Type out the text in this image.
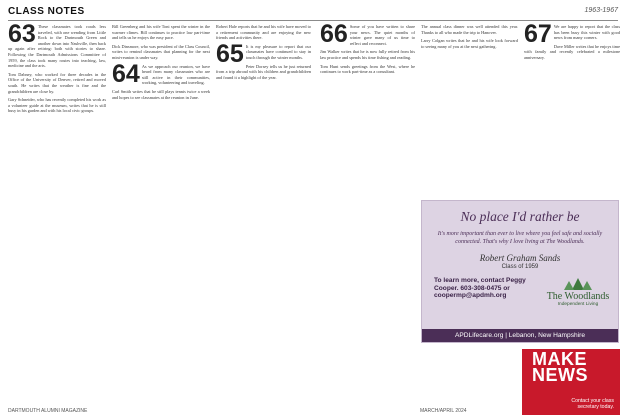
CLASS NOTES	1963-1967

63 These classmates took roads less traveled, with one wending from Little Rock to the Dartmouth Green and another down into Nashville, then back up again after retiring: both with stories to share. Following the Dartmouth Admissions Committee of 1959, the class took many routes into teaching, law, medicine and the arts.

Tom Dabney, who worked for three decades in the Office of the University of Denver, retired and moved south. He writes that the weather is fine and the grandchildren are close by.

Gary Schneider, who has recently completed his work as a volunteer guide at the museum, writes that he is still busy in his garden and with his local civic groups.

Bill Greenberg and his wife Toni spent the winter in the warmer climes. Bill continues to practice law part-time and tells us he enjoys the easy pace.

Dick Dinsmore, who was president of the Class Council, writes to remind classmates that planning for the next mini-reunion is under way.

64 As we approach our reunion, we have heard from many classmates who are still active in their communities, working, volunteering and traveling.

Carl Smith writes that he still plays tennis twice a week and hopes to see classmates at the reunion in June.

Robert Hale reports that he and his wife have moved to a retirement community and are enjoying the new friends and activities there.

65 It is my pleasure to report that our classmates have continued to stay in touch through the winter months.

Peter Dorsey tells us he just returned from a trip abroad with his children and grandchildren and found it a highlight of the year.

66 Some of you have written to share your news. The quiet months of winter gave many of us time to reflect and reconnect.

Jim Walker writes that he is now fully retired from his law practice and spends his time fishing and reading.

Tom Hunt sends greetings from the West, where he continues to work part-time as a consultant.

The annual class dinner was well attended this year. Thanks to all who made the trip to Hanover.

Larry Colgan writes that he and his wife look forward to seeing many of you at the next gathering.	67 We are happy to report that the class has been busy this winter with good news from many corners.

Dave Miller writes that he enjoys time with family and recently celebrated a milestone anniversary.

No place I'd rather be
It's more important than ever to live where you feel safe and socially connected. That's why I love living at The Woodlands.
Robert Graham Sands
Class of 1959
To learn more, contact Peggy Cooper. 603-308-0475 or coopermp@apdmh.org	The Woodlands
Independent Living
APDLifecare.org | Lebanon, New Hampshire
MAKE
NEWS
Contact your class secretary today.
DARTMOUTH ALUMNI MAGAZINE	MARCH/APRIL 2024
